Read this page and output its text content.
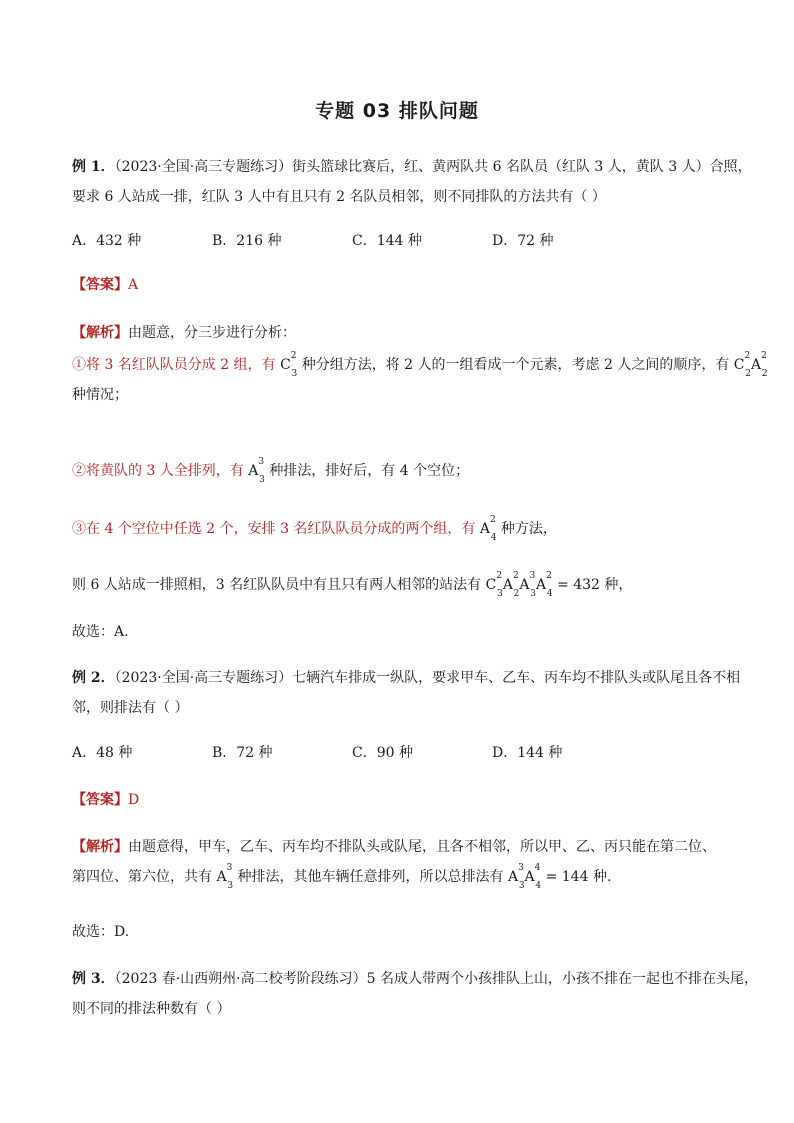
专题 03 排队问题
例 1．（2023·全国·高三专题练习）街头篮球比赛后，红、黄两队共 6 名队员（红队 3 人，黄队 3 人）合照，
要求 6 人站成一排，红队 3 人中有且只有 2 名队员相邻，则不同排队的方法共有（ ）
A．432 种	B．216 种	C．144 种	D．72 种
【答案】A
【解析】由题意，分三步进行分析：
①将 3 名红队队员分成 2 组，有 $C^2_3$ 种分组方法，将 2 人的一组看成一个元素，考虑 2 人之间的顺序，有 $C^2_2A^2_2$
种情况；
②将黄队的 3 人全排列，有 $A^3_3$ 种排法，排好后，有 4 个空位；
③在 4 个空位中任选 2 个，安排 3 名红队队员分成的两个组，有 $A^2_4$ 种方法，
则 6 人站成一排照相，3 名红队队员中有且只有两人相邻的站法有 $C^2_3A^2_2A^3_3A^2_4 = 432$ 种，
故选：A.
例 2．（2023·全国·高三专题练习）七辆汽车排成一纵队，要求甲车、乙车、丙车均不排队头或队尾且各不相
邻，则排法有（ ）
A．48 种	B．72 种	C．90 种	D．144 种
【答案】D
【解析】由题意得，甲车，乙车、丙车均不排队头或队尾，且各不相邻，所以甲、乙、丙只能在第二位、
第四位、第六位，共有 $A^3_3$ 种排法，其他车辆任意排列，所以总排法有 $A^3_3A^4_4 = 144$ 种.
故选：D.
例 3．（2023 春·山西朔州·高二校考阶段练习）5 名成人带两个小孩排队上山，小孩不排在一起也不排在头尾，
则不同的排法种数有（ ）
